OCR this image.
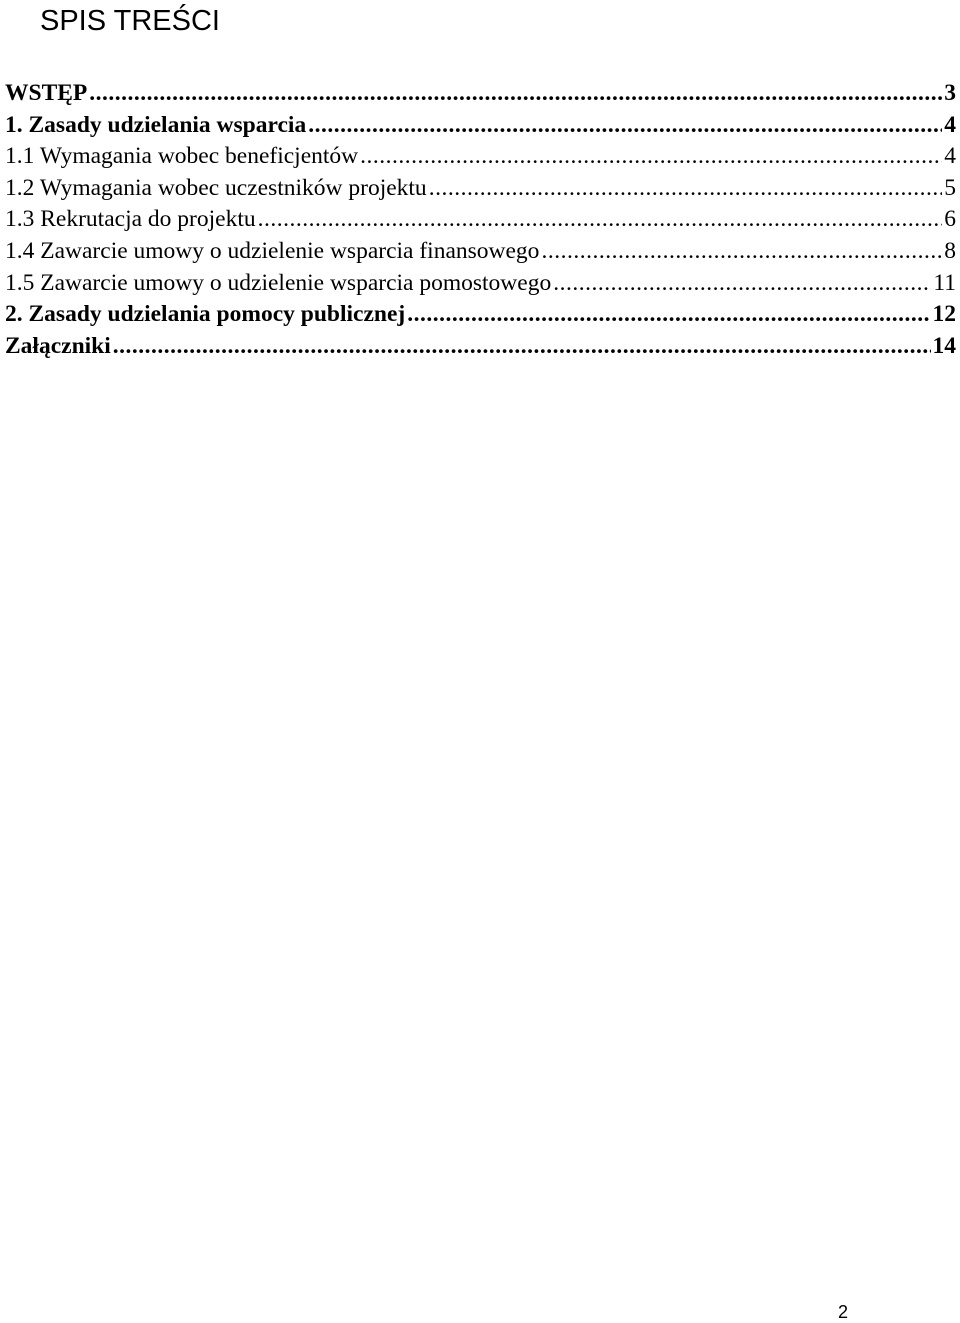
SPIS TREŚCI
WSTĘP .....	3
1. Zasady udzielania wsparcia .....	4
1.1 Wymagania wobec beneficjentów .....	4
1.2 Wymagania wobec uczestników projektu .....	5
1.3 Rekrutacja do projektu .....	6
1.4 Zawarcie umowy o udzielenie wsparcia finansowego .....	8
1.5 Zawarcie umowy o udzielenie wsparcia pomostowego .....	11
2. Zasady udzielania pomocy publicznej .....	12
Załączniki .....	14
2
